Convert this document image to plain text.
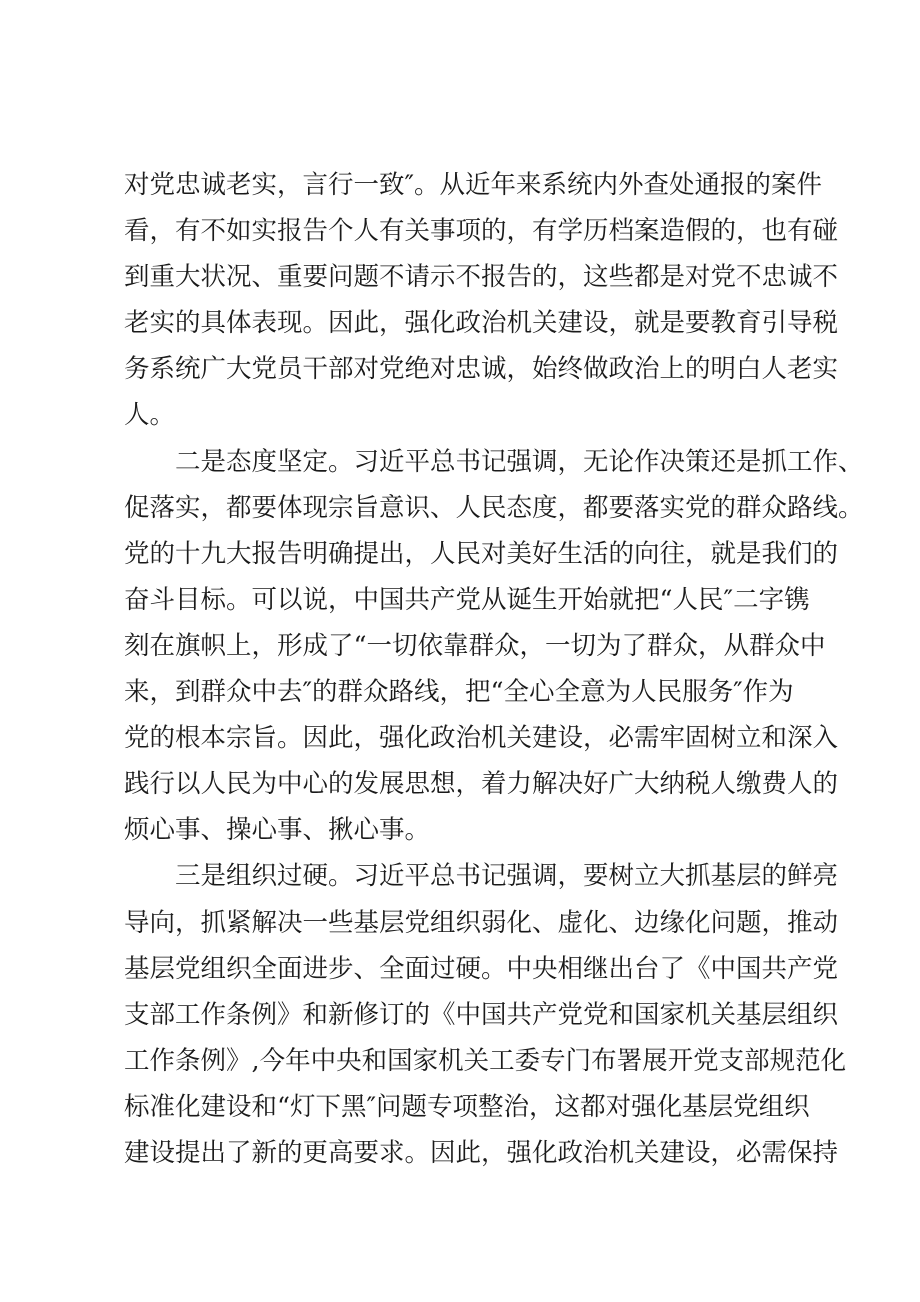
对党忠诚老实，言行一致″。从近年来系统内外查处通报的案件
看，有不如实报告个人有关事项的，有学历档案造假的，也有碰
到重大状况、重要问题不请示不报告的，这些都是对党不忠诚不
老实的具体表现。因此，强化政治机关建设，就是要教育引导税
务系统广大党员干部对党绝对忠诚，始终做政治上的明白人老实
人。
二是态度坚定。习近平总书记强调，无论作决策还是抓工作、
促落实，都要体现宗旨意识、人民态度，都要落实党的群众路线。
党的十九大报告明确提出，人民对美好生活的向往，就是我们的
奋斗目标。可以说，中国共产党从诞生开始就把“人民″二字镌
刻在旗帜上，形成了“一切依靠群众，一切为了群众，从群众中
来，到群众中去″的群众路线，把“全心全意为人民服务″作为
党的根本宗旨。因此，强化政治机关建设，必需牢固树立和深入
践行以人民为中心的发展思想，着力解决好广大纳税人缴费人的
烦心事、操心事、揪心事。
三是组织过硬。习近平总书记强调，要树立大抓基层的鲜亮
导向，抓紧解决一些基层党组织弱化、虚化、边缘化问题，推动
基层党组织全面进步、全面过硬。中央相继出台了《中国共产党
支部工作条例》和新修订的《中国共产党党和国家机关基层组织
工作条例》,今年中央和国家机关工委专门布署展开党支部规范化
标准化建设和“灯下黑″问题专项整治，这都对强化基层党组织
建设提出了新的更高要求。因此，强化政治机关建设，必需保持
